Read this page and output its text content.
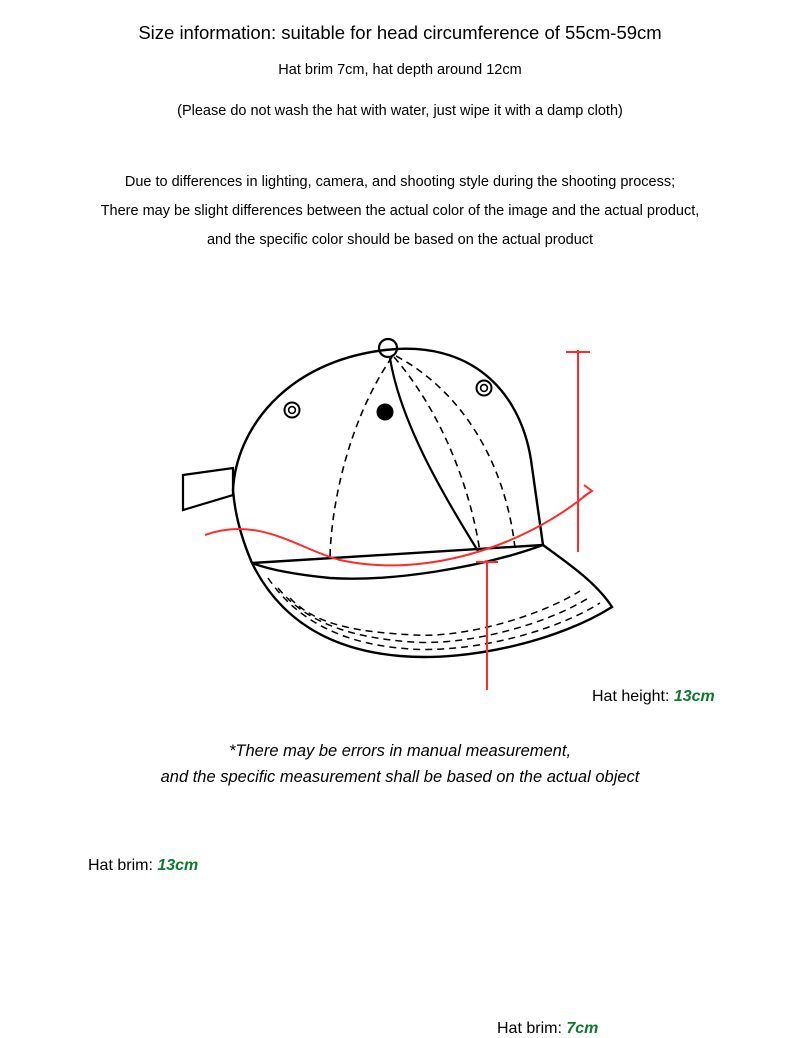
Size information: suitable for head circumference of 55cm-59cm
Hat brim 7cm, hat depth around 12cm
(Please do not wash the hat with water, just wipe it with a damp cloth)
Due to differences in lighting, camera, and shooting style during the shooting process;
There may be slight differences between the actual color of the image and the actual product,
and the specific color should be based on the actual product
Hat height: 13cm
Hat brim: 13cm
Hat brim: 7cm
*There may be errors in manual measurement,
and the specific measurement shall be based on the actual object
